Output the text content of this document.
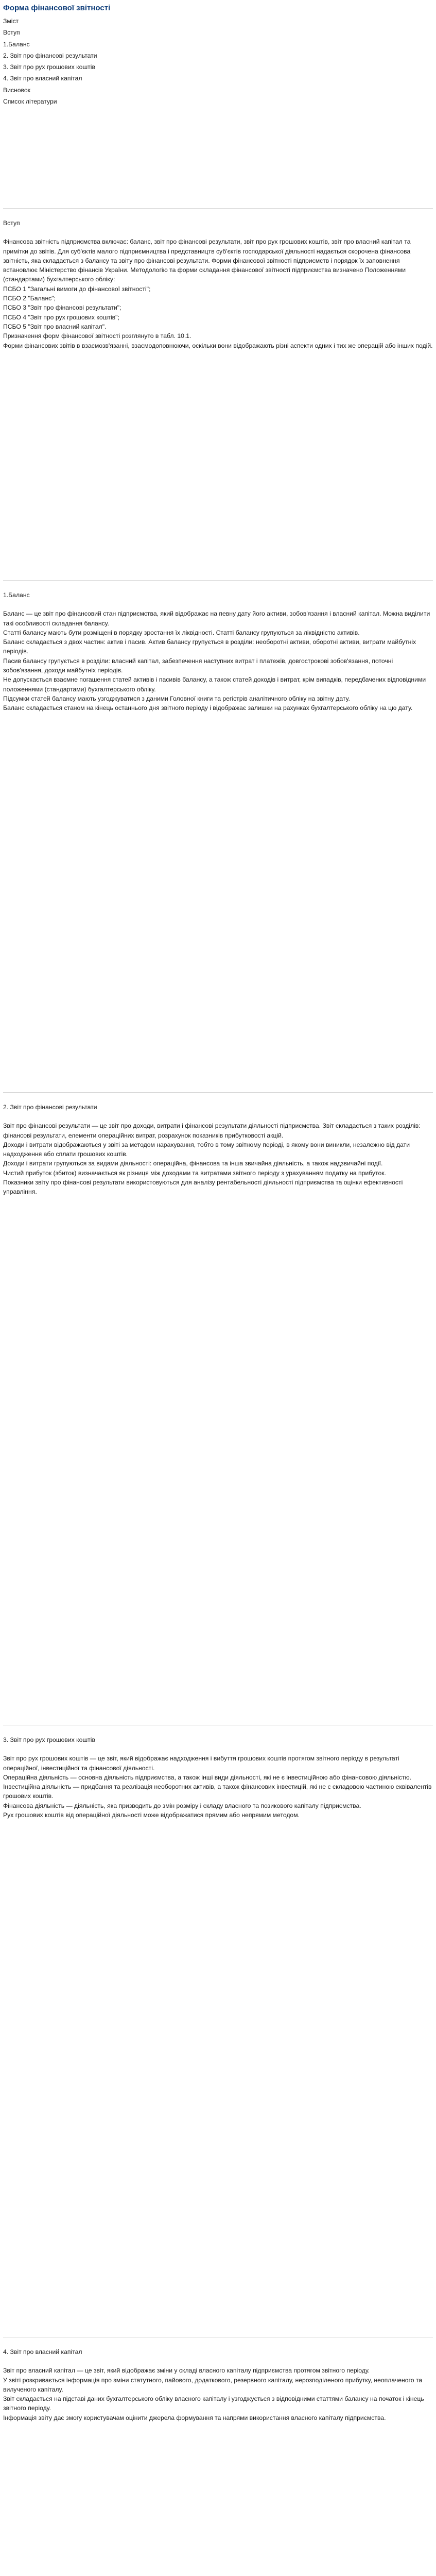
Форма фінансової звітності
Зміст
Вступ
1.Баланс
2. Звіт про фінансові результати
3. Звіт про рух грошових коштів
4. Звіт про власний капітал
Висновок
Список літератури

Вступ

Фінансова звітність підприємства включає: баланс, звіт про фінансові результати, звіт про рух грошових коштів, звіт про власний капітал та примітки до звітів. Для суб'єктів малого підприємництва і представництв суб'єктів господарської діяльності надається скорочена фінансова звітність, яка складається з балансу та звіту про фінансові результати. Форми фінансової звітності підприємств і порядок їх заповнення встановлює Міністерство фінансів України. Методологію та форми складання фінансової звітності підприємства визначено Положеннями (стандартами) бухгалтерського обліку:

ПСБО 1 "Загальні вимоги до фінансової звітності";

ПСБО 2 "Баланс";

ПСБО 3 "Звіт про фінансові результати";

ПСБО 4 "Звіт про рух грошових коштів";

ПСБО 5 "Звіт про власний капітал".

Призначення форм фінансової звітності розглянуто в табл. 10.1.

Форми фінансових звітів в взаємозв'язанні, взаємодоповнюючи, оскільки вони відображають різні аспекти одних і тих же операцій або інших подій.

1.Баланс

Баланс — це звіт про фінансовий стан підприємства, який відображає на певну дату його активи, зобов'язання і власний капітал. Можна виділити такі особливості складання балансу.

Статті балансу мають бути розміщені в порядку зростання їх ліквідності. Статті балансу групуються за ліквідністю активів.

Баланс складається з двох частин: актив і пасив. Актив балансу групується в розділи: необоротні активи, оборотні активи, витрати майбутніх періодів.

Пасив балансу групується в розділи: власний капітал, забезпечення наступних витрат і платежів, довгострокові зобов'язання, поточні зобов'язання, доходи майбутніх періодів.

Не допускається взаємне погашення статей активів і пасивів балансу, а також статей доходів і витрат, крім випадків, передбачених відповідними положеннями (стандартами) бухгалтерського обліку.

Підсумки статей балансу мають узгоджуватися з даними Головної книги та регістрів аналітичного обліку на звітну дату.

Баланс складається станом на кінець останнього дня звітного періоду і відображає залишки на рахунках бухгалтерського обліку на цю дату.

2. Звіт про фінансові результати

Звіт про фінансові результати — це звіт про доходи, витрати і фінансові результати діяльності підприємства. Звіт складається з таких розділів: фінансові результати, елементи операційних витрат, розрахунок показників прибутковості акцій.

Доходи і витрати відображаються у звіті за методом нарахування, тобто в тому звітному періоді, в якому вони виникли, незалежно від дати надходження або сплати грошових коштів.

Доходи і витрати групуються за видами діяльності: операційна, фінансова та інша звичайна діяльність, а також надзвичайні події.

Чистий прибуток (збиток) визначається як різниця між доходами та витратами звітного періоду з урахуванням податку на прибуток.

Показники звіту про фінансові результати використовуються для аналізу рентабельності діяльності підприємства та оцінки ефективності управління.

3. Звіт про рух грошових коштів

Звіт про рух грошових коштів — це звіт, який відображає надходження і вибуття грошових коштів протягом звітного періоду в результаті операційної, інвестиційної та фінансової діяльності.

Операційна діяльність — основна діяльність підприємства, а також інші види діяльності, які не є інвестиційною або фінансовою діяльністю.

Інвестиційна діяльність — придбання та реалізація необоротних активів, а також фінансових інвестицій, які не є складовою частиною еквівалентів грошових коштів.

Фінансова діяльність — діяльність, яка призводить до змін розміру і складу власного та позикового капіталу підприємства.

Рух грошових коштів від операційної діяльності може відображатися прямим або непрямим методом.

4. Звіт про власний капітал

Звіт про власний капітал — це звіт, який відображає зміни у складі власного капіталу підприємства протягом звітного періоду.

У звіті розкривається інформація про зміни статутного, пайового, додаткового, резервного капіталу, нерозподіленого прибутку, неоплаченого та вилученого капіталу.

Звіт складається на підставі даних бухгалтерського обліку власного капіталу і узгоджується з відповідними статтями балансу на початок і кінець звітного періоду.

Інформація звіту дає змогу користувачам оцінити джерела формування та напрями використання власного капіталу підприємства.
